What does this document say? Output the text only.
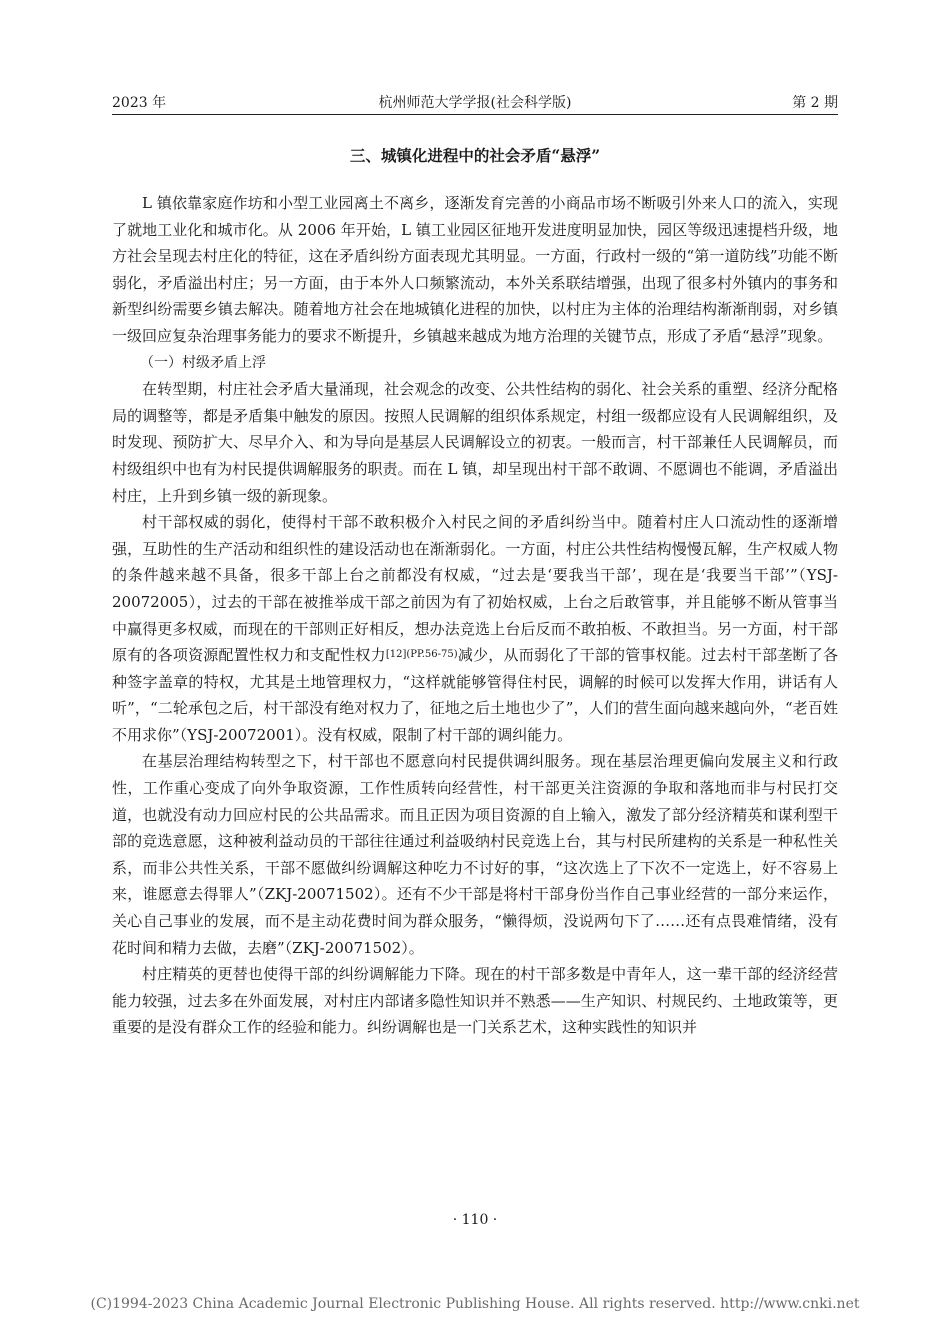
2023 年	杭州师范大学学报(社会科学版)	第 2 期
三、城镇化进程中的社会矛盾“悬浮”

L 镇依靠家庭作坊和小型工业园离土不离乡，逐渐发育完善的小商品市场不断吸引外来人口的流入，实现了就地工业化和城市化。从 2006 年开始，L 镇工业园区征地开发进度明显加快，园区等级迅速提档升级，地方社会呈现去村庄化的特征，这在矛盾纠纷方面表现尤其明显。一方面，行政村一级的“第一道防线”功能不断弱化，矛盾溢出村庄；另一方面，由于本外人口频繁流动，本外关系联结增强，出现了很多村外镇内的事务和新型纠纷需要乡镇去解决。随着地方社会在地城镇化进程的加快，以村庄为主体的治理结构渐渐削弱，对乡镇一级回应复杂治理事务能力的要求不断提升，乡镇越来越成为地方治理的关键节点，形成了矛盾“悬浮”现象。

（一）村级矛盾上浮

在转型期，村庄社会矛盾大量涌现，社会观念的改变、公共性结构的弱化、社会关系的重塑、经济分配格局的调整等，都是矛盾集中触发的原因。按照人民调解的组织体系规定，村组一级都应设有人民调解组织，及时发现、预防扩大、尽早介入、和为导向是基层人民调解设立的初衷。一般而言，村干部兼任人民调解员，而村级组织中也有为村民提供调解服务的职责。而在 L 镇，却呈现出村干部不敢调、不愿调也不能调，矛盾溢出村庄，上升到乡镇一级的新现象。

村干部权威的弱化，使得村干部不敢积极介入村民之间的矛盾纠纷当中。随着村庄人口流动性的逐渐增强，互助性的生产活动和组织性的建设活动也在渐渐弱化。一方面，村庄公共性结构慢慢瓦解，生产权威人物的条件越来越不具备，很多干部上台之前都没有权威，“过去是‘要我当干部’，现在是‘我要当干部’”（YSJ-20072005），过去的干部在被推举成干部之前因为有了初始权威，上台之后敢管事，并且能够不断从管事当中赢得更多权威，而现在的干部则正好相反，想办法竞选上台后反而不敢拍板、不敢担当。另一方面，村干部原有的各项资源配置性权力和支配性权力$^{[12](PP.56-75)}$减少，从而弱化了干部的管事权能。过去村干部垄断了各种签字盖章的特权，尤其是土地管理权力，“这样就能够管得住村民，调解的时候可以发挥大作用，讲话有人听”，“二轮承包之后，村干部没有绝对权力了，征地之后土地也少了”，人们的营生面向越来越向外，“老百姓不用求你”（YSJ-20072001）。没有权威，限制了村干部的调纠能力。

在基层治理结构转型之下，村干部也不愿意向村民提供调纠服务。现在基层治理更偏向发展主义和行政性，工作重心变成了向外争取资源，工作性质转向经营性，村干部更关注资源的争取和落地而非与村民打交道，也就没有动力回应村民的公共品需求。而且正因为项目资源的自上输入，激发了部分经济精英和谋利型干部的竞选意愿，这种被利益动员的干部往往通过利益吸纳村民竞选上台，其与村民所建构的关系是一种私性关系，而非公共性关系，干部不愿做纠纷调解这种吃力不讨好的事，“这次选上了下次不一定选上，好不容易上来，谁愿意去得罪人”（ZKJ-20071502）。还有不少干部是将村干部身份当作自己事业经营的一部分来运作，关心自己事业的发展，而不是主动花费时间为群众服务，“懒得烦，没说两句下了……还有点畏难情绪，没有花时间和精力去做，去磨”（ZKJ-20071502）。

村庄精英的更替也使得干部的纠纷调解能力下降。现在的村干部多数是中青年人，这一辈干部的经济经营能力较强，过去多在外面发展，对村庄内部诸多隐性知识并不熟悉——生产知识、村规民约、土地政策等，更重要的是没有群众工作的经验和能力。纠纷调解也是一门关系艺术，这种实践性的知识并

· 110 ·
(C)1994-2023 China Academic Journal Electronic Publishing House. All rights reserved. http://www.cnki.net
